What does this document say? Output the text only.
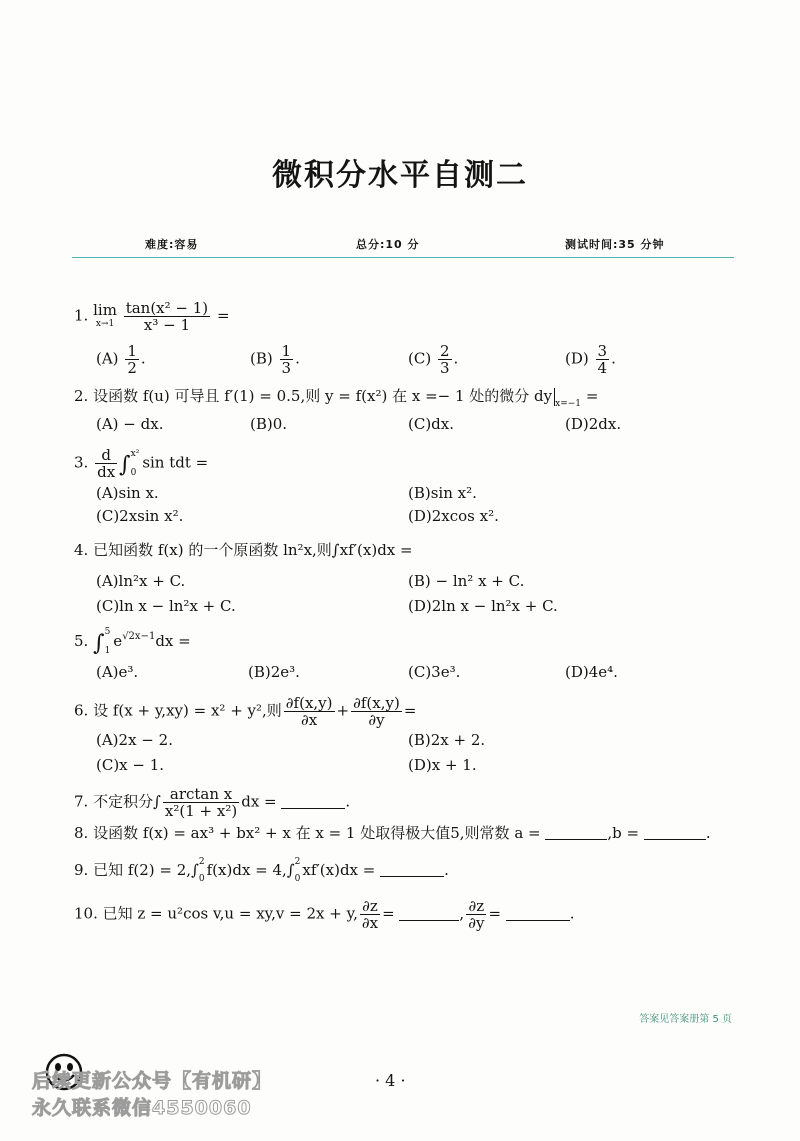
微积分水平自测二
难度:容易	总分:10 分	测试时间:35 分钟
1. lim
x→1
$\frac{\text{tan(x² − 1)}}{\text{x³ − 1}}$ =
$(A) \frac{1}{2}$ .	$(B) \frac{1}{3}$ .	$(C) \frac{2}{3}$ .	$(D) \frac{3}{4}$ .
2. 设函数 f(u) 可导且 f′(1) = 0.5,则 y = f(x²) 在 x =− 1 处的微分 dy $_{x=-1}$ =
(A) − dx.	(B)0.	(C)dx.	(D)2dx.
3. $\frac{d}{dx}$ ∫ x²
0
sin tdt =
(A)sin x.	(B)sin x².
(C)2xsin x².	(D)2xcos x².
4. 已知函数 f(x) 的一个原函数 ln²x,则∫xf′(x)dx =
(A)ln²x + C.	(B) − ln² x + C.
(C)ln x − ln²x + C.	(D)2ln x − ln²x + C.
5. ∫ 5
1
$e^{√2x-1}dx$ =
(A)e³.	(B)2e³.	(C)3e³.	(D)4e⁴.
6. 设 f(x + y,xy) = x² + y²,则 $\frac{\partial f(x,y)}{\partial x} + \frac{\partial f(x,y)}{\partial y}$ =
(A)2x − 2.	(B)2x + 2.
(C)x − 1.	(D)x + 1.
7. 不定积分∫ $\frac{\text{arctan x}}{\text{x²(1 + x²)}}$ dx =	.
8. 设函数 f(x) = ax³ + bx² + x 在 x = 1 处取得极大值5,则常数 a =	,b =	.
9. 已知 f(2) = 2,∫ 2
0 f(x)dx = 4,∫ 2
0 xf′(x)dx =	.
10. 已知 z = u²cos v,u = xy,v = 2x + y, $\frac{\partial z}{\partial x}$ =	, $\frac{\partial z}{\partial y}$ =	.
答案见答案册第 5 页
后续更新公众号【有机研】
永久联系微信4550060
· 4 ·
